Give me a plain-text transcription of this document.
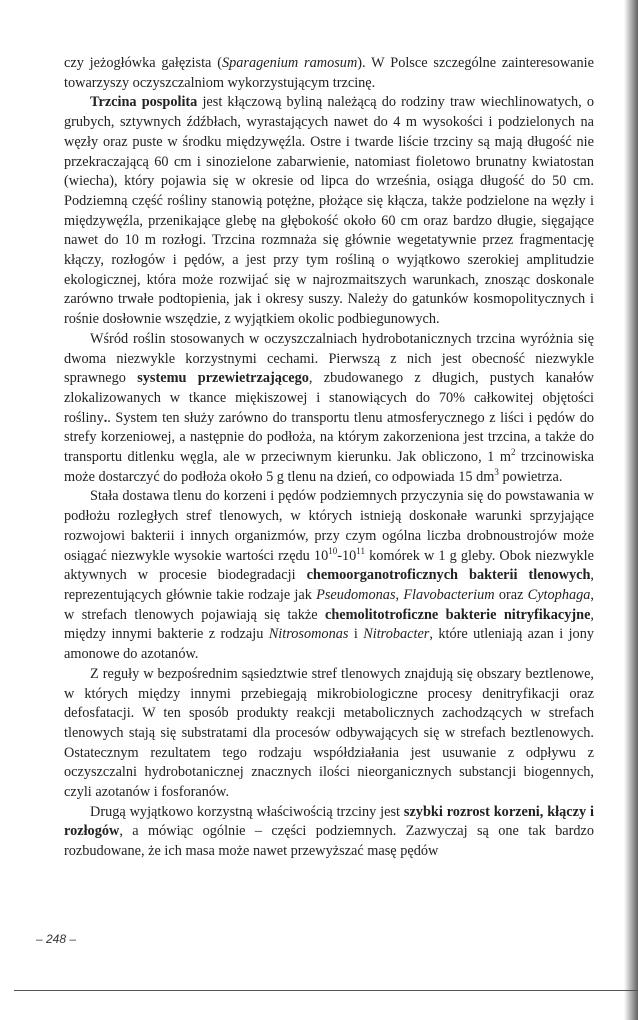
czy jeżogłówka gałęzista (Sparagenium ramosum). W Polsce szczególne zainteresowanie towarzyszy oczyszczalniom wykorzystującym trzcinę.

Trzcina pospolita jest kłączową byliną należącą do rodziny traw wiechlinowatych, o grubych, sztywnych źdźbłach, wyrastających nawet do 4 m wysokości i podzielonych na węzły oraz puste w środku międzywęźla. Ostre i twarde liście trzciny są mają długość nie przekraczającą 60 cm i sinozielone zabarwienie, natomiast fioletowo brunatny kwiatostan (wiecha), który pojawia się w okresie od lipca do września, osiąga długość do 50 cm. Podziemną część rośliny stanowią potężne, płożące się kłącza, także podzielone na węzły i międzywęźla, przenikające glebę na głębokość około 60 cm oraz bardzo długie, sięgające nawet do 10 m rozłogi. Trzcina rozmnaża się głównie wegetatywnie przez fragmentację kłączy, rozłogów i pędów, a jest przy tym rośliną o wyjątkowo szerokiej amplitudzie ekologicznej, która może rozwijać się w najrozmaitszych warunkach, znosząc doskonale zarówno trwałe podtopienia, jak i okresy suszy. Należy do gatunków kosmopolitycznych i rośnie dosłownie wszędzie, z wyjątkiem okolic podbiegunowych.

Wśród roślin stosowanych w oczyszczalniach hydrobotanicznych trzcina wyróżnia się dwoma niezwykle korzystnymi cechami. Pierwszą z nich jest obecność niezwykle sprawnego systemu przewietrzającego, zbudowanego z długich, pustych kanałów zlokalizowanych w tkance miękiszowej i stanowiących do 70% całkowitej objętości rośliny.. System ten służy zarówno do transportu tlenu atmosferycznego z liści i pędów do strefy korzeniowej, a następnie do podłoża, na którym zakorzeniona jest trzcina, a także do transportu ditlenku węgla, ale w przeciwnym kierunku. Jak obliczono, 1 $m^2$ trzcinowiska może dostarczyć do podłoża około 5 g tlenu na dzień, co odpowiada 15 $dm^3$ powietrza.

Stała dostawa tlenu do korzeni i pędów podziemnych przyczynia się do powstawania w podłożu rozległych stref tlenowych, w których istnieją doskonałe warunki sprzyjające rozwojowi bakterii i innych organizmów, przy czym ogólna liczba drobnoustrojów może osiągać niezwykle wysokie wartości rzędu $10^{10}-10^{11}$ komórek w 1 g gleby. Obok niezwykle aktywnych w procesie biodegradacji chemoorganotroficznych bakterii tlenowych, reprezentujących głównie takie rodzaje jak Pseudomonas, Flavobacterium oraz Cytophaga, w strefach tlenowych pojawiają się także chemolitotroficzne bakterie nitryfikacyjne, między innymi bakterie z rodzaju Nitrosomonas i Nitrobacter, które utleniają azan i jony amonowe do azotanów.

Z reguły w bezpośrednim sąsiedztwie stref tlenowych znajdują się obszary beztlenowe, w których między innymi przebiegają mikrobiologiczne procesy denitryfikacji oraz defosfatacji. W ten sposób produkty reakcji metabolicznych zachodzących w strefach tlenowych stają się substratami dla procesów odbywających się w strefach beztlenowych. Ostatecznym rezultatem tego rodzaju współdziałania jest usuwanie z odpływu z oczyszczalni hydrobotanicznej znacznych ilości nieorganicznych substancji biogennych, czyli azotanów i fosforanów.

Drugą wyjątkowo korzystną właściwością trzciny jest szybki rozrost korzeni, kłączy i rozłogów, a mówiąc ogólnie – części podziemnych. Zazwyczaj są one tak bardzo rozbudowane, że ich masa może nawet przewyższać masę pędów

– 248 –
